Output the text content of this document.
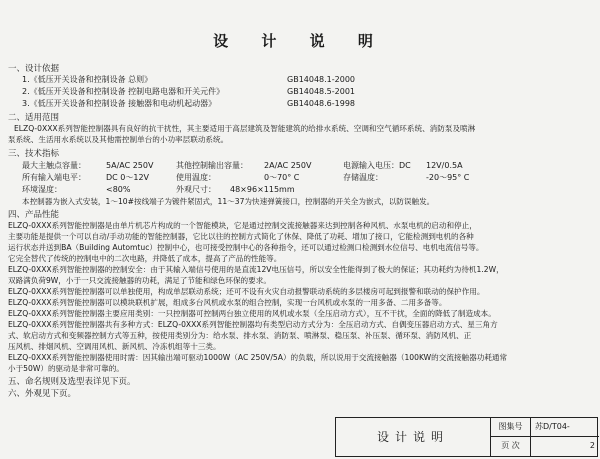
设 计 说 明
一、设计依据
1.《低压开关设备和控制设备 总则》	GB14048.1-2000
2.《低压开关设备和控制设备 控制电路电器和开关元件》	GB14048.5-2001
3.《低压开关设备和控制设备 接触器和电动机起动器》	GB14048.6-1998
二、适用范围
ELZQ-0XXX系列智能控制器具有良好的抗干扰性，其主要适用于高层建筑及智能建筑的给排水系统、空调和空气循环系统、消防泵及喷淋
泵系统、生活用水系统以及其他需控制单台的小功率层联动系统。
三、技术指标
最大主触点容量：	5A/AC 250V	其他控制输出容量： 2A/AC 250V	电源输入电压：DC 12V/0.5A
所有输入端电平：	DC 0～12V	使用温度：	0～70° C	存储温度：	-20～95° C
环境湿度：	<80%	外观尺寸： 48×96×115mm
本控制器为嵌入式安装，1～10#按线端子为镀件紧固式，11～37为快速弹簧接口，控制器的开关全为嵌式，以防误触发。
四、产品性能
ELZQ-0XXX系列智能控制器是由单片机芯片构成的一个智能模块，它是通过控制交流接触器来达到控制各种风机、水泵电机的启动和停止，
主要功能是提供一个可以自动/手动功能的智能控制器，它比以往的控制方式简化了休保、降低了功耗、增加了接口，它能检测到电机的各种
运行状态并送到BA（Building Automtuc）控制中心，也可接受控制中心的各种指令，还可以通过检测口检测到水位信号、电机电流信号等。
它完全替代了传统的控制电中的二次电路，并降低了成本，提高了产品的性能等。
ELZQ-0XXX系列智能控制器的控制安全：由于其输入端信号使用的是直流12V电压信号，所以安全性能得到了极大的保证；其功耗约为待机1.2W，
双路满负荷9W，小于一只交流接触器的功耗，满足了节能和绿色环保的要求。
ELZQ-0XXX系列智能控制器可以单独使用，构成单层联动系统；还可不设有火灾自动报警联动系统的多层楼房可起到报警和联动的保护作用。
ELZQ-0XXX系列智能控制器可以模块联机扩展，组成多台风机或水泵的组合控制，实现一台风机或水泵的一用多备、二用多备等。
ELZQ-0XXX系列智能控制器主要应用类别：一只控制器可控制两台独立使用的风机或水泵（全压启动方式），互不干扰，全面的降低了制造成本。
ELZQ-0XXX系列智能控制器共有多种方式：ELZQ-0XXX系列智能控制器均有类型启动方式分为：全压启动方式、自偶变压器启动方式、星三角方
式、软启动方式和变频器控制方式等五种，按使用类别分为：给水泵、排水泵、消防泵、喷淋泵、稳压泵、补压泵、循环泵、消防风机、正
压风机、排烟风机、空调用风机、新风机、冷冻机组等十三类。
ELZQ-0XXX系列智能控制器使用时需：因其输出端可驱动1000W（AC 250V/5A）的负载，所以说用于交流接触器（100KW的交流接触器功耗通常
小于50W）的驱动是非常可靠的。
五、命名规则及选型表详见下页。
六、外观见下页。
设计说明
图集号	苏D/T04-
页 次	2
